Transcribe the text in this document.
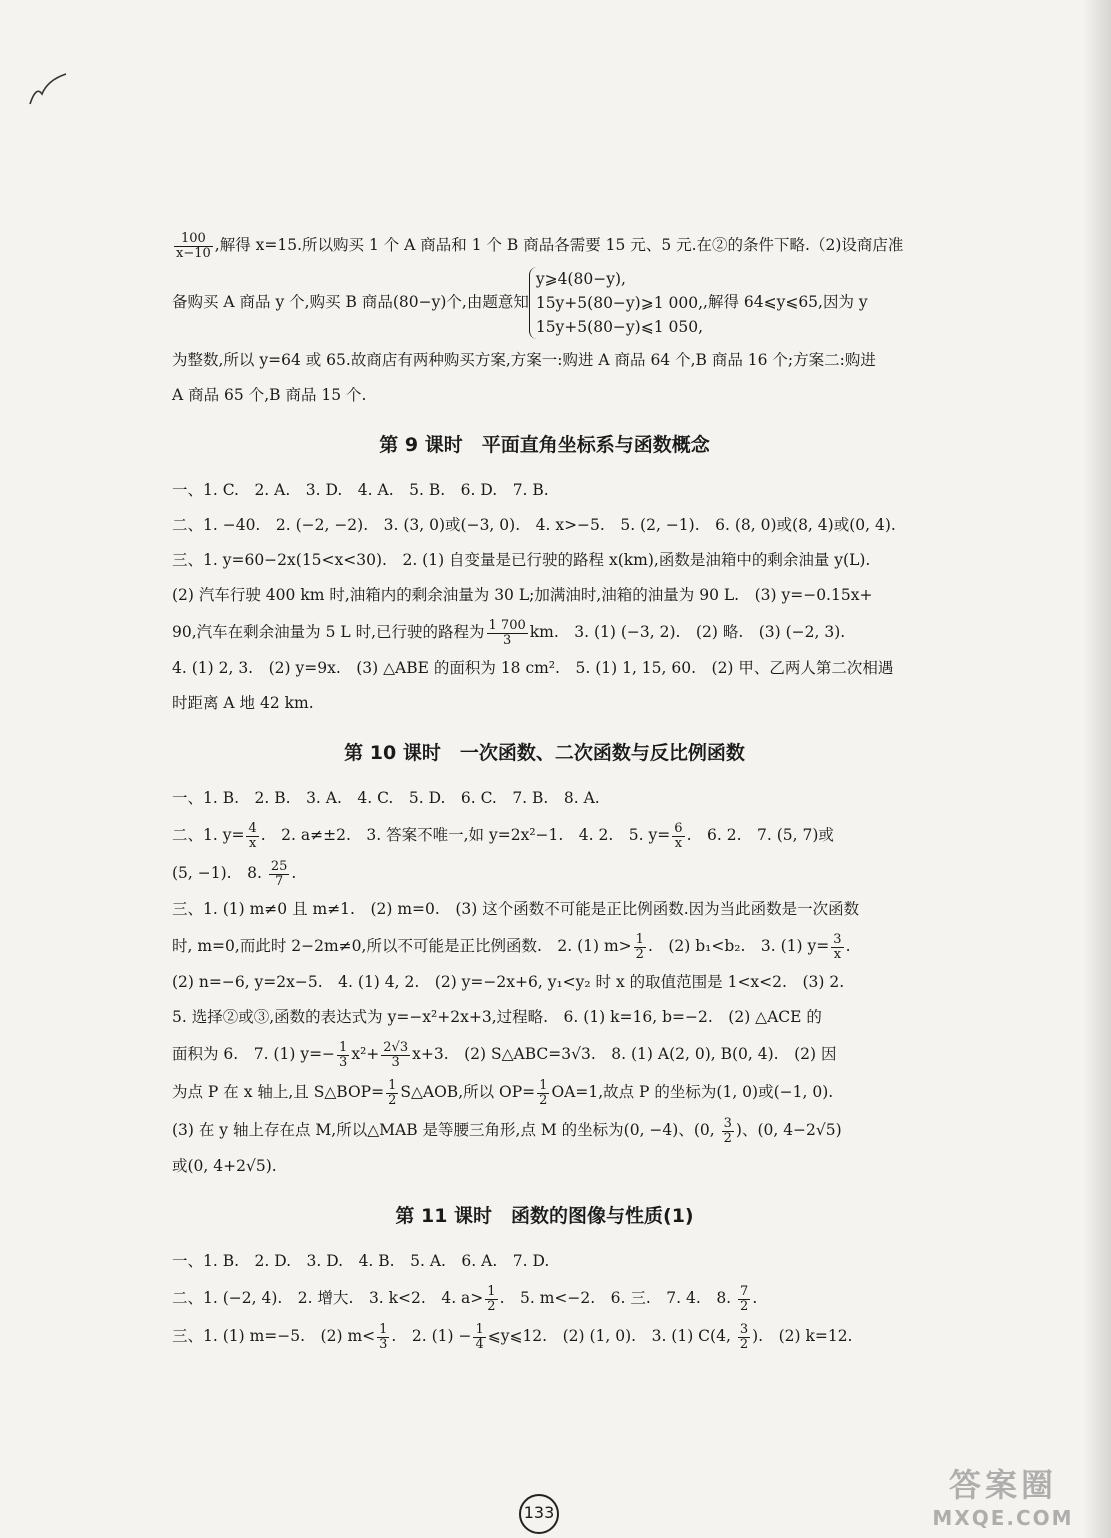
$\frac{100}{x-10}$ ,解得 x=15.所以购买 1 个 A 商品和 1 个 B 商品各需要 15 元、5 元.在②的条件下略.（2)设商店准
备购买 A 商品 y 个,购买 B 商品(80−y)个,由题意知
y⩾4(80−y),
15y+5(80−y)⩾1 000,
15y+5(80−y)⩽1 050,
,解得 64⩽y⩽65,因为 y
为整数,所以 y=64 或 65.故商店有两种购买方案,方案一:购进 A 商品 64 个,B 商品 16 个;方案二:购进
A 商品 65 个,B 商品 15 个.
第 9 课时　平面直角坐标系与函数概念
一、1. C.　2. A.　3. D.　4. A.　5. B.　6. D.　7. B.
二、1. −40.　2. (−2, −2).　3. (3, 0)或(−3, 0).　4. x>−5.　5. (2, −1).　6. (8, 0)或(8, 4)或(0, 4).
三、1. y=60−2x(15<x<30).　2. (1) 自变量是已行驶的路程 x(km),函数是油箱中的剩余油量 y(L).
(2) 汽车行驶 400 km 时,油箱内的剩余油量为 30 L;加满油时,油箱的油量为 90 L.　(3) y=−0.15x+
90,汽车在剩余油量为 5 L 时,已行驶的路程为 $\frac{1 700}{3}$ km.　3. (1) (−3, 2).　(2) 略.　(3) (−2, 3).
4. (1) 2, 3.　(2) y=9x.　(3) △ABE 的面积为 18 cm².　5. (1) 1, 15, 60.　(2) 甲、乙两人第二次相遇
时距离 A 地 42 km.
第 10 课时　一次函数、二次函数与反比例函数
一、1. B.　2. B.　3. A.　4. C.　5. D.　6. C.　7. B.　8. A.
二、1. $y= \frac{4}{x}$ .　2. a≠±2.　3. 答案不唯一,如 y=2x²−1.　4. 2.　5. $y= \frac{6}{x}$ .　6. 2.　7. (5, 7)或
(5, −1).　8. $\frac{25}{7}$ .
三、1. (1) m≠0 且 m≠1.　(2) m=0.　(3) 这个函数不可能是正比例函数.因为当此函数是一次函数
时, m=0,而此时 2−2m≠0,所以不可能是正比例函数.　2. (1) $m> \frac{1}{2}$ .　(2) b₁<b₂.　3. (1) $y= \frac{3}{x}$ .
(2) n=−6, y=2x−5.　4. (1) 4, 2.　(2) y=−2x+6, y₁<y₂ 时 x 的取值范围是 1<x<2.　(3) 2.
5. 选择②或③,函数的表达式为 y=−x²+2x+3,过程略.　6. (1) k=16, b=−2.　(2) △ACE 的
面积为 6.　7. (1) $y=- \frac{1}{3} x^2+ \frac{2√3}{3} x+3$.　(2) S△ABC=3√3.　8. (1) A(2, 0), B(0, 4).　(2) 因
为点 P 在 x 轴上,且 S△BOP= $\frac{1}{2}$ S△AOB,所以 $OP= \frac{1}{2} OA=1$,故点 P 的坐标为(1, 0)或(−1, 0).
(3) 在 y 轴上存在点 M,所以△MAB 是等腰三角形,点 M 的坐标为(0, −4)、(0, $\frac{3}{2}$ )、(0, 4−2√5)
或(0, 4+2√5).
第 11 课时　函数的图像与性质(1)
一、1. B.　2. D.　3. D.　4. B.　5. A.　6. A.　7. D.
二、1. (−2, 4).　2. 增大.　3. k<2.　4. $a> \frac{1}{2}$ .　5. m<−2.　6. 三.　7. 4.　8. $\frac{7}{2}$ .
三、1. (1) m=−5.　(2) $m< \frac{1}{3}$ .　2. $(1) - \frac{1}{4}$ ⩽y⩽12.　(2) (1, 0).　3. (1) C(4, $\frac{3}{2}$ ).　(2) k=12.
133
答案圈
MXQE.COM
